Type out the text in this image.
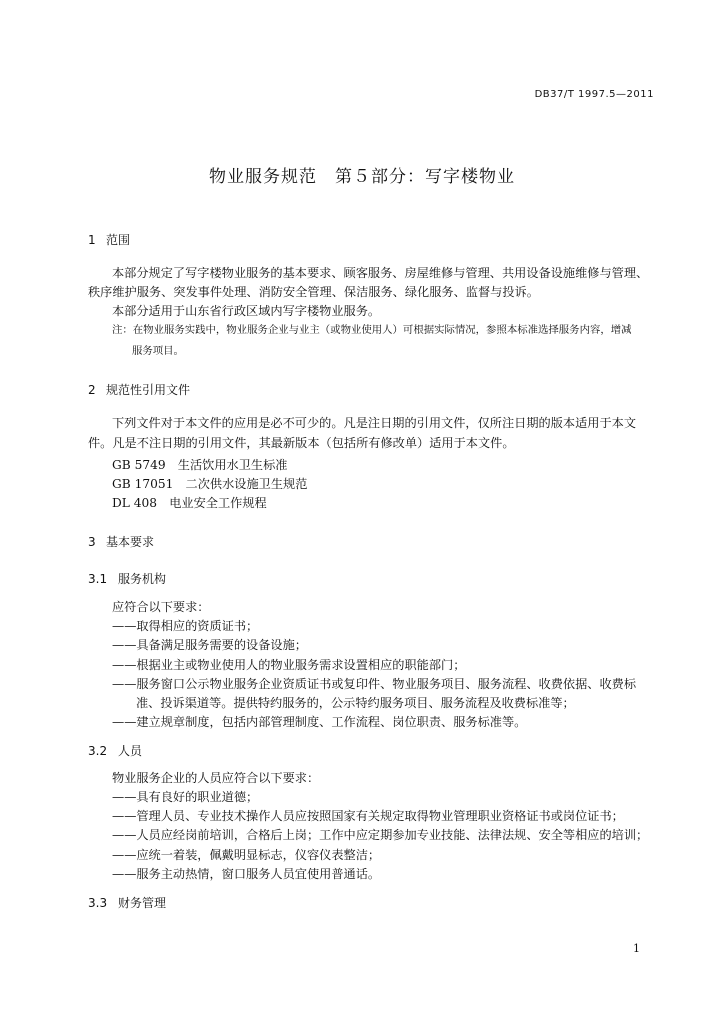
DB37/T 1997.5—2011
物业服务规范　第５部分：写字楼物业
1 范围
本部分规定了写字楼物业服务的基本要求、顾客服务、房屋维修与管理、共用设备设施维修与管理、
秩序维护服务、突发事件处理、消防安全管理、保洁服务、绿化服务、监督与投诉。
本部分适用于山东省行政区域内写字楼物业服务。
注：在物业服务实践中，物业服务企业与业主（或物业使用人）可根据实际情况，参照本标准选择服务内容，增减
服务项目。
2 规范性引用文件
下列文件对于本文件的应用是必不可少的。凡是注日期的引用文件，仅所注日期的版本适用于本文
件。凡是不注日期的引用文件，其最新版本（包括所有修改单）适用于本文件。
GB 5749　生活饮用水卫生标准
GB 17051　二次供水设施卫生规范
DL 408　电业安全工作规程
3 基本要求
3.1 服务机构
应符合以下要求：
——取得相应的资质证书；
——具备满足服务需要的设备设施；
——根据业主或物业使用人的物业服务需求设置相应的职能部门；
——服务窗口公示物业服务企业资质证书或复印件、物业服务项目、服务流程、收费依据、收费标
准、投诉渠道等。提供特约服务的，公示特约服务项目、服务流程及收费标准等；
——建立规章制度，包括内部管理制度、工作流程、岗位职责、服务标准等。
3.2 人员
物业服务企业的人员应符合以下要求：
——具有良好的职业道德；
——管理人员、专业技术操作人员应按照国家有关规定取得物业管理职业资格证书或岗位证书；
——人员应经岗前培训，合格后上岗；工作中应定期参加专业技能、法律法规、安全等相应的培训；
——应统一着装，佩戴明显标志，仪容仪表整洁；
——服务主动热情，窗口服务人员宜使用普通话。
3.3 财务管理
1
